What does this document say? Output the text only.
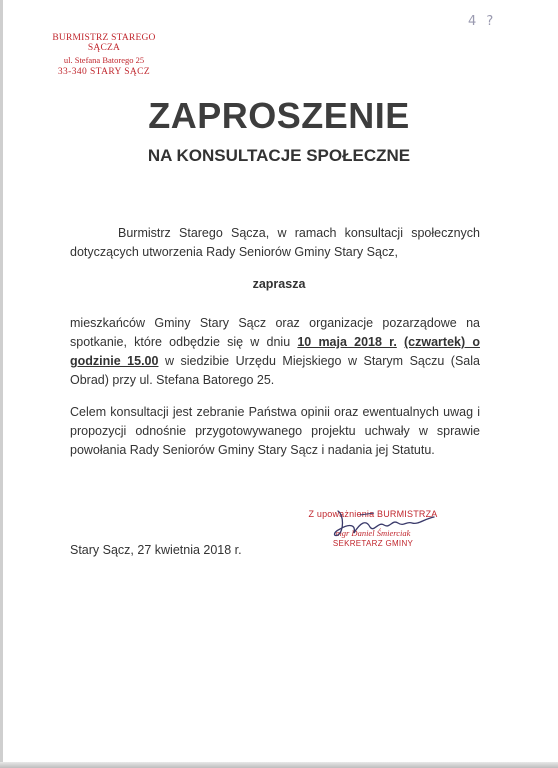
BURMISTRZ STAREGO SĄCZA
ul. Stefana Batorego 25
33-340 STARY SĄCZ
4 ?
ZAPROSZENIE
NA KONSULTACJE SPOŁECZNE

Burmistrz Starego Sącza, w ramach konsultacji społecznych dotyczących utworzenia Rady Seniorów Gminy Stary Sącz,

zaprasza

mieszkańców Gminy Stary Sącz oraz organizacje pozarządowe na spotkanie, które odbędzie się w dniu 10 maja 2018 r. (czwartek) o godzinie 15.00 w siedzibie Urzędu Miejskiego w Starym Sączu (Sala Obrad) przy ul. Stefana Batorego 25.

Celem konsultacji jest zebranie Państwa opinii oraz ewentualnych uwag i propozycji odnośnie przygotowywanego projektu uchwały w sprawie powołania Rady Seniorów Gminy Stary Sącz i nadania jej Statutu.

Stary Sącz, 27 kwietnia 2018 r.
Z upoważnienia BURMISTRZA
mgr Daniel Śmierciak
SEKRETARZ GMINY
